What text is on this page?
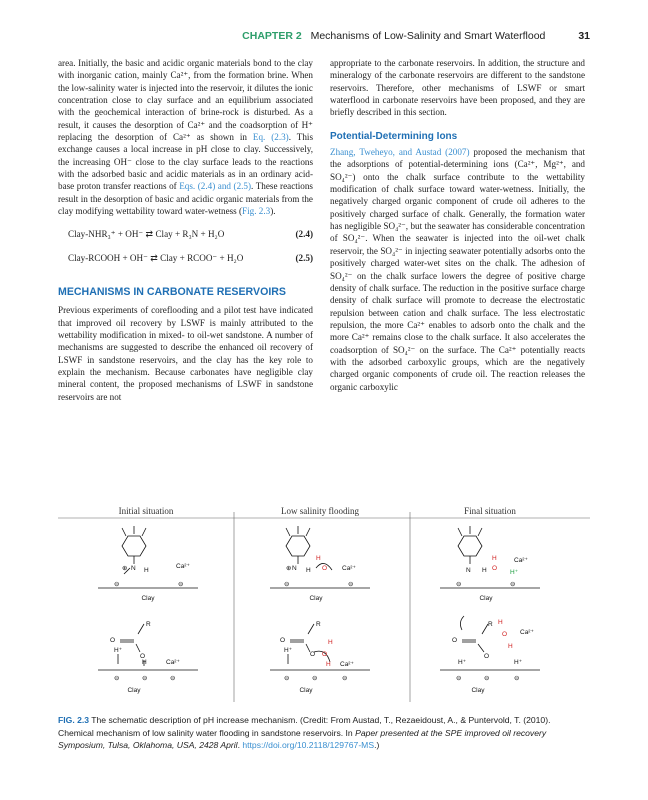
CHAPTER 2 Mechanisms of Low-Salinity and Smart Waterflood	31

area. Initially, the basic and acidic organic materials bond to the clay with inorganic cation, mainly Ca²⁺, from the formation brine. When the low-salinity water is injected into the reservoir, it dilutes the ionic concentration close to clay surface and an equilibrium associated with the geochemical interaction of brine-rock is disturbed. As a result, it causes the desorption of Ca²⁺ and the coadsorption of H⁺ replacing the desorption of Ca²⁺ as shown in Eq. (2.3). This exchange causes a local increase in pH close to clay. Successively, the increasing OH⁻ close to the clay surface leads to the reactions with the adsorbed basic and acidic materials as in an ordinary acid-base proton transfer reactions of Eqs. (2.4) and (2.5). These reactions result in the desorption of basic and acidic organic materials from the clay modifying wettability toward water-wetness (Fig. 2.3).

Clay-NHR₃⁺ + OH⁻ ⇄ Clay + R₃N + H₂O	(2.4)
Clay-RCOOH + OH⁻ ⇄ Clay + RCOO⁻ + H₂O	(2.5)
MECHANISMS IN CARBONATE RESERVOIRS

Previous experiments of coreflooding and a pilot test have indicated that improved oil recovery by LSWF is mainly attributed to the wettability modification in mixed- to oil-wet sandstone. A number of mechanisms are suggested to describe the enhanced oil recovery of LSWF in sandstone reservoirs, and the clay has the key role to explain the mechanism. Because carbonates have negligible clay mineral content, the proposed mechanisms of LSWF in sandstone reservoirs are not

appropriate to the carbonate reservoirs. In addition, the structure and mineralogy of the carbonate reservoirs are different to the sandstone reservoirs. Therefore, other mechanisms of LSWF or smart waterflood in carbonate reservoirs have been proposed, and they are briefly described in this section.

Potential-Determining Ions

Zhang, Tweheyo, and Austad (2007) proposed the mechanism that the adsorptions of potential-determining ions (Ca²⁺, Mg²⁺, and SO₄²⁻) onto the chalk surface contribute to the wettability modification of chalk surface toward water-wetness. Initially, the negatively charged organic component of crude oil adheres to the positively charged surface of chalk. Generally, the formation water has negligible SO₄²⁻, but the seawater has considerable concentration of SO₄²⁻. When the seawater is injected into the oil-wet chalk reservoir, the SO₄²⁻ in injecting seawater potentially adsorbs onto the positively charged water-wet sites on the chalk. The adhesion of SO₄²⁻ on the chalk surface lowers the degree of positive charge density of chalk surface. The reduction in the positive surface charge density of chalk surface will promote to decrease the electrostatic repulsion between cation and chalk surface. The less electrostatic repulsion, the more Ca²⁺ enables to adsorb onto the chalk and the more Ca²⁺ remains close to the chalk surface. It also accelerates the coadsorption of SO₄²⁻ on the surface. The Ca²⁺ potentially reacts with the adsorbed carboxylic groups, which are the negatively charged organic components of crude oil. The reaction releases the organic carboxylic

Initial situation	Low salinity flooding	Final situation
N
⊕	H
Ca²⁺
⊖	⊖
Clay
R
O
O
H⁺
H	Ca²⁺
⊖	⊖	⊖
Clay
H
O
N
⊕ H	Ca²⁺
⊖	⊖
Clay
R
O
O
H
O
H⁺
H Ca²⁺
⊖	⊖	⊖
Clay
H
O
H
N
Ca²⁺
H⁺
⊖	⊖
Clay
R H
O
H
Ca²⁺
O
O
H⁺	H⁺
⊖	⊖	⊖
Clay
FIG. 2.3 The schematic description of pH increase mechanism. (Credit: From Austad, T., Rezaeidoust, A., & Puntervold, T. (2010). Chemical mechanism of low salinity water flooding in sandstone reservoirs. In Paper presented at the SPE improved oil recovery Symposium, Tulsa, Oklahoma, USA, 2428 April. https://doi.org/10.2118/129767-MS.)
